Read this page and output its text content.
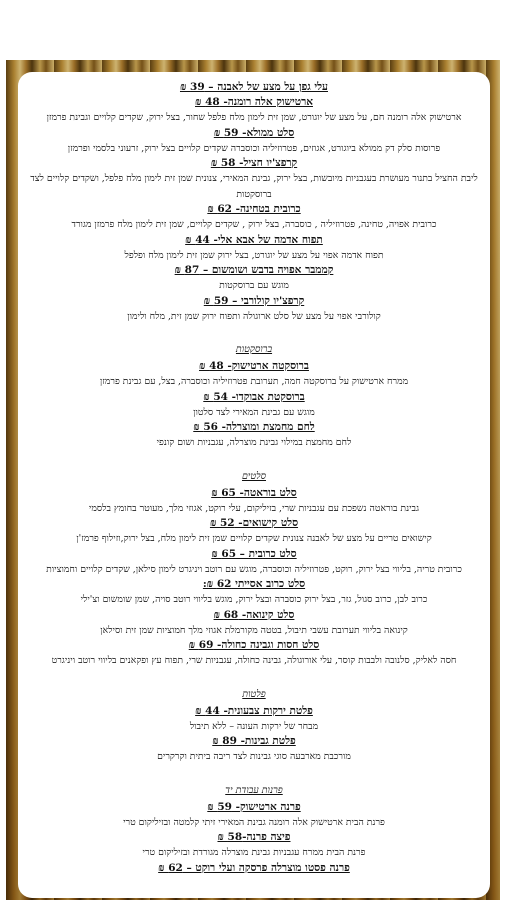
עלי גפן על מצע של לאבנה – 39 ₪
ארטישוק אלה רומנה- 48 ₪
ארטישוק אלה רומנה חם, על מצע של יוגורט, שמן זית לימון מלח פלפל שחור, בצל ירוק, שקדים קלויים וגבינת פרמזן
סלט ממולא- 59 ₪
פרוסות סלק דק ממולא ביוגורט, אגוזים, פטרוזיליה וכוסברה שקדים קלויים בצל ירוק, זרעוני בלסמי ופרמזן
קרפצ'יו חציל- 58 ₪
ליבת החציל בתנור מעושרת בעגבניות מיובשות, בצל ירוק, גבינת המאירי, צנונית שמן זית לימון מלח פלפל, ושקדים קלויים לצד ברוסקטות
כרובית בטחינה- 62 ₪
כרובית אפויה, טחינה, פטרוזיליה , כוסברה, בצל ירוק , שקדים קלויים, שמן זית לימון מלח פרמזן מגורד
תפוח אדמה של אבא אלי- 44 ₪
תפוח אדמה אפוי על מצע של יוגורט, בצל ירוק שמן זית לימון מלח ופלפל
קממבר אפויה בדבש ושומשום – 87 ₪
מוגש עם ברוסקטות
קרפצ'יו קולורבי – 59 ₪
קולורבי אפוי על מצע של סלט ארוגולה ותפוח ירוק שמן זית, מלח ולימון
ברוסקטות
ברוסקטה ארטישוק- 48 ₪
ממרח ארטישוק על ברוסקטה חמה, תערובת פטרוזיליה וכוסברה, בצל, עם גבינת פרמזן
ברוסקטת אבוקדו- 54 ₪
מוגש עם גבינת המאירי לצד סלטון
לחם מחמצת ומוצרלה- 56 ₪
לחם מחמצת במילוי גבינת מוצרלה, עגבניות ושום קונפי
סלטים
סלט בוראטה- 65 ₪
גבינת בוראטה נשפכת עם עגבניות שרי, בזיליקום, עלי רוקט, אגוזי מלך, מעוטר בחומץ בלסמי
סלט קישואים- 52 ₪
קישואים טריים על מצע של לאבנה צנונית שקדים קלויים שמן זית לימון מלח, בצל ירוק,וזילוף פרמז'ן
סלט כרובית – 65 ₪
כרובית טריה, בליווי בצל ירוק, רוקט, פטרוזיליה וכוסברה, מוגש עם רוטב ויניגרט לימון סילאן, שקדים קלויים וחמוציות
סלט כרוב אסייתי 62 ₪:
כרוב לבן, כרוב סגול, גזר, בצל ירוק כוסברה ובצל ירוק, מוגש בליווי רוטב סויה, שמן שומשום וצ'ילי
סלט קינואה- 68 ₪
קינואה בליווי תערובת עשבי תיבול, בטטה מקורמלת אגוזי מלך חמוציות שמן זית וסילאן
סלט חסות וגבינה כחולה- 69 ₪
חסה לאליק, סלנובה ולבבות קוסר, עלי אורוגולה, גבינה כחולה, עגבניות שרי, תפוח עץ ופקאנים בליווי רוטב ויניגרט
פלטות
פלטת ירקות צבעונית- 44 ₪
מבחר של ירקות העונה – ללא תיבול
פלטת גבינות- 89 ₪
מורכבת מארבעה סוגי גבינות לצד ריבה ביתית וקרקרים
פרנות עבודת יד
פרנה ארטישוק- 59 ₪
פרנת הבית ארטישוק אלה רומנה גבינת המאירי זיתי קלמטה ובזיליקום טרי
פיצה פרנה-58 ₪
פרנת הבית ממרח עגבניות גבינת מוצרלה מגורדת ובזיליקום טרי
פרנה פסטו מוצרלה פרסקה ועלי רוקט – 62 ₪
